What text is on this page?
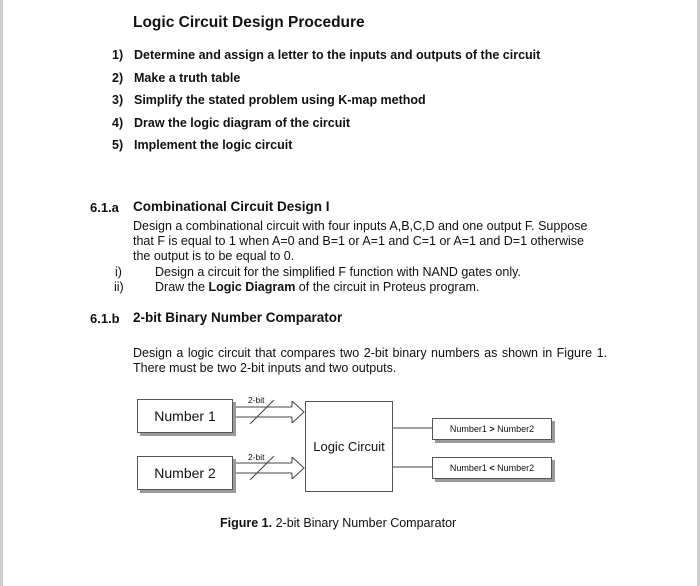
Logic Circuit Design Procedure
1) Determine and assign a letter to the inputs and outputs of the circuit
2) Make a truth table
3) Simplify the stated problem using K-map method
4) Draw the logic diagram of the circuit
5) Implement the logic circuit
6.1.a Combinational Circuit Design I
Design a combinational circuit with four inputs A,B,C,D and one output F. Suppose that F is equal to 1 when A=0 and B=1 or A=1 and C=1 or A=1 and D=1 otherwise the output is to be equal to 0.
i)	Design a circuit for the simplified F function with NAND gates only.
ii)	Draw the Logic Diagram of the circuit in Proteus program.
6.1.b 2-bit Binary Number Comparator
Design a logic circuit that compares two 2-bit binary numbers as shown in Figure 1. There must be two 2-bit inputs and two outputs.
2-bit
2-bit
Number 1
Number 2
Logic Circuit
Number1 > Number2
Number1 < Number2
Figure 1. 2-bit Binary Number Comparator
